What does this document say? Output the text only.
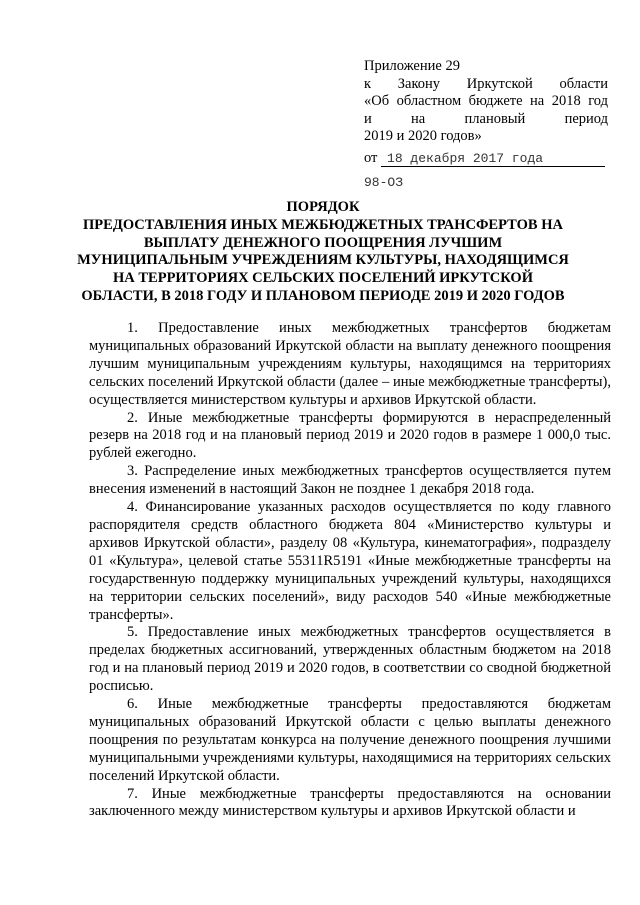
Приложение 29
к Закону Иркутской области
«Об областном бюджете на 2018 год
и на плановый период
2019 и 2020 годов»
от 18 декабря 2017 года
98-ОЗ
ПОРЯДОК
ПРЕДОСТАВЛЕНИЯ ИНЫХ МЕЖБЮДЖЕТНЫХ ТРАНСФЕРТОВ НА
ВЫПЛАТУ ДЕНЕЖНОГО ПООЩРЕНИЯ ЛУЧШИМ
МУНИЦИПАЛЬНЫМ УЧРЕЖДЕНИЯМ КУЛЬТУРЫ, НАХОДЯЩИМСЯ
НА ТЕРРИТОРИЯХ СЕЛЬСКИХ ПОСЕЛЕНИЙ ИРКУТСКОЙ
ОБЛАСТИ, В 2018 ГОДУ И ПЛАНОВОМ ПЕРИОДЕ 2019 И 2020 ГОДОВ

1. Предоставление иных межбюджетных трансфертов бюджетам муниципальных образований Иркутской области на выплату денежного поощрения лучшим муниципальным учреждениям культуры, находящимся на территориях сельских поселений Иркутской области (далее – иные межбюджетные трансферты), осуществляется министерством культуры и архивов Иркутской области.

2. Иные межбюджетные трансферты формируются в нераспределенный резерв на 2018 год и на плановый период 2019 и 2020 годов в размере 1 000,0 тыс. рублей ежегодно.

3. Распределение иных межбюджетных трансфертов осуществляется путем внесения изменений в настоящий Закон не позднее 1 декабря 2018 года.

4. Финансирование указанных расходов осуществляется по коду главного распорядителя средств областного бюджета 804 «Министерство культуры и архивов Иркутской области», разделу 08 «Культура, кинематография», подразделу 01 «Культура», целевой статье 55311R5191 «Иные межбюджетные трансферты на государственную поддержку муниципальных учреждений культуры, находящихся на территории сельских поселений», виду расходов 540 «Иные межбюджетные трансферты».

5. Предоставление иных межбюджетных трансфертов осуществляется в пределах бюджетных ассигнований, утвержденных областным бюджетом на 2018 год и на плановый период 2019 и 2020 годов, в соответствии со сводной бюджетной росписью.

6. Иные межбюджетные трансферты предоставляются бюджетам муниципальных образований Иркутской области с целью выплаты денежного поощрения по результатам конкурса на получение денежного поощрения лучшими муниципальными учреждениями культуры, находящимися на территориях сельских поселений Иркутской области.

7. Иные межбюджетные трансферты предоставляются на основании заключенного между министерством культуры и архивов Иркутской области и
